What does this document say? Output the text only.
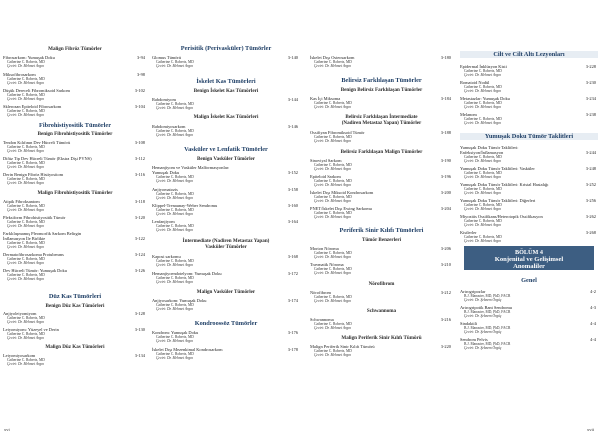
Malign Fibröz Tümörler
Fibrosarkom: Yumuşak Doku	3-94
Catherine C. Roberts, MD
Çeviri: Dr. Mehmet Argın
Miksofibrosarkom	3-98
Catherine C. Roberts, MD
Çeviri: Dr. Mehmet Argın
Düşük Dereceli Fibromiksoid Sarkom	3-102
Catherine C. Roberts, MD
Çeviri: Dr. Mehmet Argın
Sklerozan Epiteloid Fibrosarkom	3-104
Catherine C. Roberts, MD
Çeviri: Dr. Mehmet Argın
Fibrohistiyositik Tümörler
Benign Fibrohistiyositik Tümörler
Tendon Kılıfının Dev Hücreli Tümörü	3-108
Catherine C. Roberts, MD
Çeviri: Dr. Mehmet Argın
Difüz Tip Dev Hücreli Tümör (Ekstra Dişi PVNS)	3-112
Catherine C. Roberts, MD
Çeviri: Dr. Mehmet Argın
Derin Benign Fibröz Histiyositom	3-116
Catherine C. Roberts, MD
Çeviri: Dr. Mehmet Argın
Malign Fibrohistiyositik Tümörler
Atipik Fibroksantom	3-118
Catherine C. Roberts, MD
Çeviri: Dr. Mehmet Argın
Pleksiform Fibrohistiyositik Tümör	3-120
Catherine C. Roberts, MD
Çeviri: Dr. Mehmet Argın
Farklılaşmamış Pleomorfik Sarkom Belirgin
İnflamasyon İle Birlikte	3-122
Catherine C. Roberts, MD
Çeviri: Dr. Mehmet Argın
Dermatofibrosarkoma Protuberans	3-124
Catherine C. Roberts, MD
Çeviri: Dr. Mehmet Argın
Dev Hücreli Tümör: Yumuşak Doku	3-126
Catherine C. Roberts, MD
Çeviri: Dr. Mehmet Argın
Düz Kas Tümörleri
Benign Düz Kas Tümörleri
Anjiyoleiyomiyom	3-128
Catherine C. Roberts, MD
Çeviri: Dr. Mehmet Argın
Leiyomiyom: Yüzeyel ve Derin	3-130
Catherine C. Roberts, MD
Çeviri: Dr. Mehmet Argın
Malign Düz Kas Tümörleri
Leiyomiyosarkom	3-134
Catherine C. Roberts, MD
Çeviri: Dr. Mehmet Argın
Perisitik (Perivasküler) Tümörler
Glomus Tümörü	3-140
Catherine C. Roberts, MD
Çeviri: Dr. Mehmet Argın
İskelet Kas Tümörleri
Benign İskelet Kas Tümörleri
Rabdomiyom	3-144
Catherine C. Roberts, MD
Çeviri: Dr. Mehmet Argın
Malign İskelet Kas Tümörleri
Rabdomiyosarkom	3-146
Catherine C. Roberts, MD
Çeviri: Dr. Mehmet Argın
Vasküler ve Lenfatik Tümörler
Benign Vasküler Tümörler
Hemanjiyom ve Vasküler Malformasyonlar:
Yumuşak Doku	3-152
Catherine C. Roberts, MD
Çeviri: Dr. Mehmet Argın
Anjiyomatozis	3-158
Catherine C. Roberts, MD
Çeviri: Dr. Mehmet Argın
Klippel-Trenaunay-Weber Sendromu	3-160
Catherine C. Roberts, MD
Çeviri: Dr. Mehmet Argın
Lenfanjiyom	3-164
Catherine C. Roberts, MD
Çeviri: Dr. Mehmet Argın
İntermediate (Nadiren Metastaz Yapan)
Vasküler Tümörler
Kaposi sarkomu	3-168
Catherine C. Roberts, MD
Çeviri: Dr. Mehmet Argın
Hemanjiyoendotelyom: Yumuşak Doku	3-172
Catherine C. Roberts, MD
Çeviri: Dr. Mehmet Argın
Malign Vasküler Tümörler
Anjiyosarkom: Yumuşak Doku	3-174
Catherine C. Roberts, MD
Çeviri: Dr. Mehmet Argın
Kondroossöz Tümörler
Kondrom: Yumuşak Doku	3-176
Catherine C. Roberts, MD
Çeviri: Dr. Mehmet Argın
İskelet Dışı Mezenkimal Kondrosarkom	3-178
Catherine C. Roberts, MD
Çeviri: Dr. Mehmet Argın
İskelet Dışı Osteosarkom	3-180
Catherine C. Roberts, MD
Çeviri: Dr. Mehmet Argın
Belirsiz Farklılaşan Tümörler
Benign Belirsiz Farklılaşan Tümörler
Kas İçi Miksoma	3-184
Catherine C. Roberts, MD
Çeviri: Dr. Mehmet Argın
Belirsiz Farklılaşan İntermediate
(Nadiren Metastaz Yapan) Tümörler
Ossifiyan Fibromiksoid Tümör	3-188
Catherine C. Roberts, MD
Çeviri: Dr. Mehmet Argın
Belirsiz Farklılaşan Malign Tümörler
Sinoviyal Sarkom	3-190
Catherine C. Roberts, MD
Çeviri: Dr. Mehmet Argın
Epiteloid Sarkom	3-196
Catherine C. Roberts, MD
Çeviri: Dr. Mehmet Argın
İskelet Dışı Miksoid Kondrosarkom	3-200
Catherine C. Roberts, MD
Çeviri: Dr. Mehmet Argın
PNET/İskelet Dışı Ewing Sarkomu	3-204
Catherine C. Roberts, MD
Çeviri: Dr. Mehmet Argın
Periferik Sinir Kılıfı Tümörleri
Tümör Benzerleri
Morton Nöroma	3-206
Catherine C. Roberts, MD
Çeviri: Dr. Mehmet Argın
Travmatik Nöroma	3-210
Catherine C. Roberts, MD
Çeviri: Dr. Mehmet Argın
Nörofibrom
Nörofibrom	3-212
Catherine C. Roberts, MD
Çeviri: Dr. Mehmet Argın
Schwannoma
Schwannoma	3-216
Catherine C. Roberts, MD
Çeviri: Dr. Mehmet Argın
Malign Periferik Sinir Kılıfı Tümörü
Malign Periferik Sinir Kılıfı Tümörü	3-220
Catherine C. Roberts, MD
Çeviri: Dr. Mehmet Argın
BÖLÜM 4
Konjenital ve Gelişimsel
Anomaliler
Cilt ve Cilt Altı Lezyonları
Epidermal İnklüzyon Kisti	3-228
Catherine C. Roberts, MD
Çeviri: Dr. Mehmet Argın
Romatoid Nodül	3-230
Catherine C. Roberts, MD
Çeviri: Dr. Mehmet Argın
Metastazlar: Yumuşak Doku	3-234
Catherine C. Roberts, MD
Çeviri: Dr. Mehmet Argın
Melanom	3-238
Catherine C. Roberts, MD
Çeviri: Dr. Mehmet Argın
Yumuşak Doku Tümör Taklitleri
Yumuşak Doku Tümör Taklitleri:
Enfeksiyon/İnflamasyon	3-244
Catherine C. Roberts, MD
Çeviri: Dr. Mehmet Argın
Yumuşak Doku Tümör Taklitleri: Vasküler	3-248
Catherine C. Roberts, MD
Çeviri: Dr. Mehmet Argın
Yumuşak Doku Tümör Taklitleri: Kristal Hastalığı	3-252
Catherine C. Roberts, MD
Çeviri: Dr. Mehmet Argın
Yumuşak Doku Tümör Taklitleri: Diğerleri	3-256
Catherine C. Roberts, MD
Çeviri: Dr. Mehmet Argın
Miyozitis Ossifikans/Heterotopik Ossifikasyon	3-262
Catherine C. Roberts, MD
Çeviri: Dr. Mehmet Argın
Kistlerler	3-268
Catherine C. Roberts, MD
Çeviri: Dr. Mehmet Argın
Genel
Artrogripozlar	4-2
B.J. Manaster, MD, PhD, FACR
Çeviri: Dr. Şebnem Örgüç
Artrogripotik Bant Sendromu	4-3
B.J. Manaster, MD, PhD, FACR
Çeviri: Dr. Şebnem Örgüç
Sindaktili	4-4
B.J. Manaster, MD, PhD, FACR
Çeviri: Dr. Şebnem Örgüç
Sendrom Pelvis	4-4
B.J. Manaster, MD, PhD, FACR
Çeviri: Dr. Şebnem Örgüç
xvi	xvii
